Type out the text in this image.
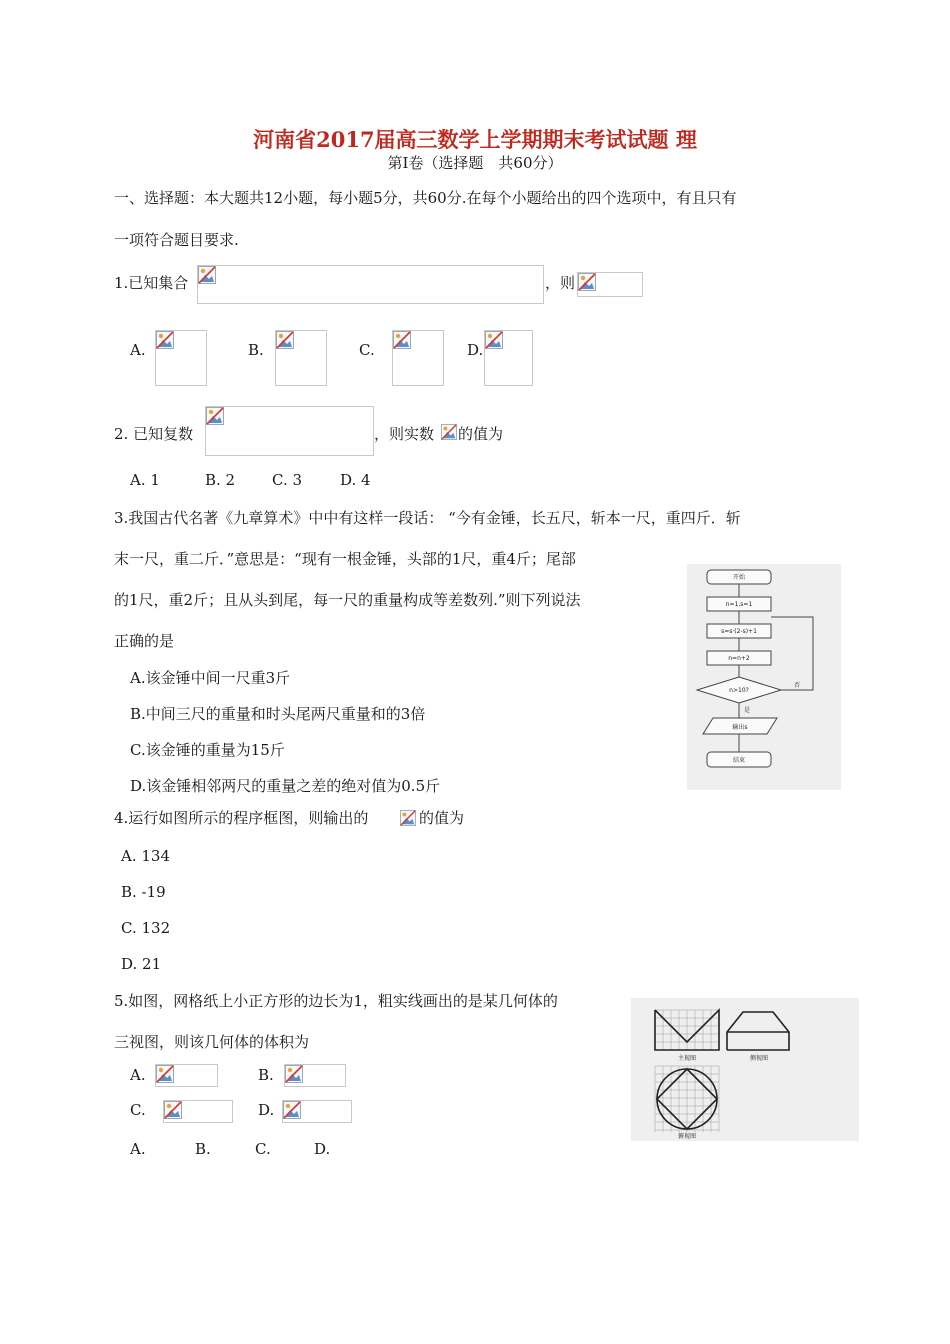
河南省2017届高三数学上学期期末考试试题 理
第Ⅰ卷（选择题　共60分）
一、选择题：本大题共12小题，每小题5分，共60分.在每个小题给出的四个选项中，有且只有
一项符合题目要求.
1.已知集合	，则
A.	B.	C.	D.
2. 已知复数	，则实数 的值为
A. 1	B. 2 C. 3	D. 4
3.我国古代名著《九章算术》中中有这样一段话： “今有金锤，长五尺，斩本一尺，重四斤．斩
末一尺，重二斤．”意思是：“现有一根金锤，头部的1尺，重4斤；尾部
的1尺，重2斤；且从头到尾，每一尺的重量构成等差数列.”则下列说法
正确的是
A.该金锤中间一尺重3斤
B.中间三尺的重量和时头尾两尺重量和的3倍
C.该金锤的重量为15斤
D.该金锤相邻两尺的重量之差的绝对值为0.5斤
开始
n=1,s=1
s=s·(2-s)+1
n=n+2
n>10?
否
是
输出s
结束
4.运行如图所示的程序框图，则输出的	的值为
A. 134
B. -19
C. 132
D. 21
5.如图，网格纸上小正方形的边长为1，粗实线画出的是某几何体的
三视图，则该几何体的体积为
A.	B.
C.	D.
A.	B.	C.	D.
主视图	侧视图
俯视图
